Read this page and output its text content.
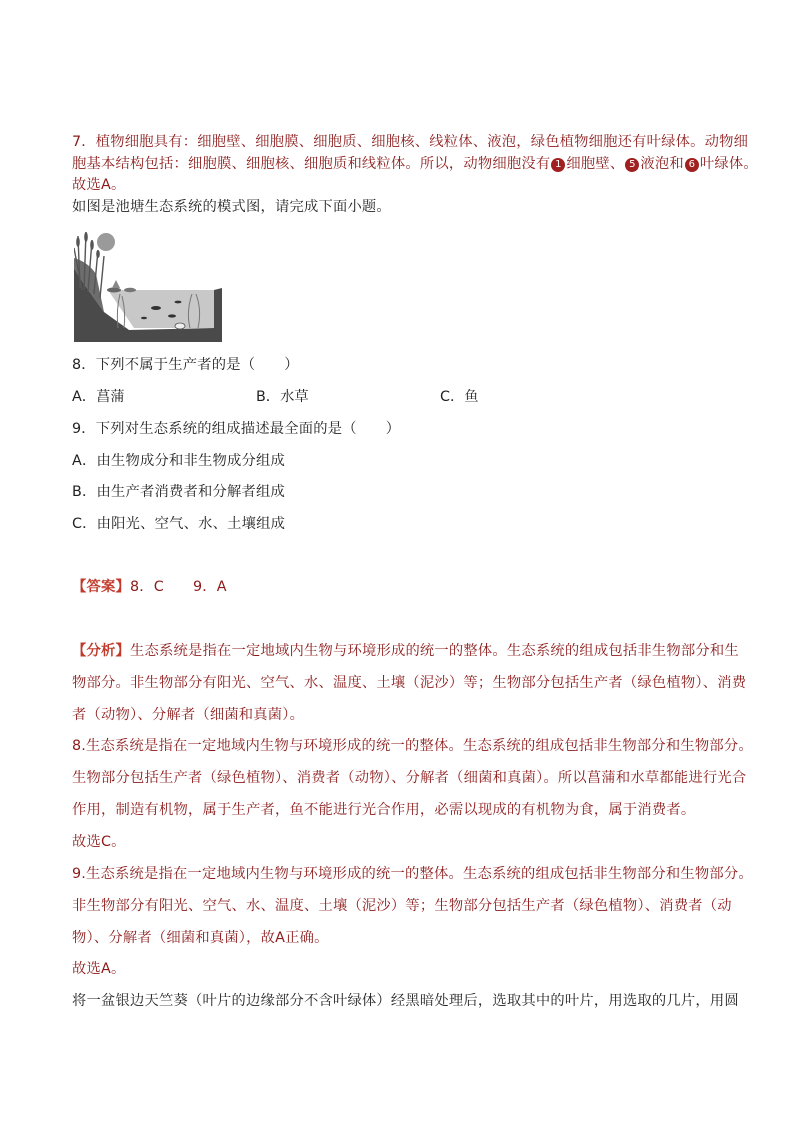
7．植物细胞具有：细胞壁、细胞膜、细胞质、细胞核、线粒体、液泡，绿色植物细胞还有叶绿体。动物细
胞基本结构包括：细胞膜、细胞核、细胞质和线粒体。所以，动物细胞没有 1 细胞壁、 5 液泡和 6 叶绿体。
故选A。
如图是池塘生态系统的模式图，请完成下面小题。
8．下列不属于生产者的是（　　）
A．菖蒲	B．水草	C．鱼
9．下列对生态系统的组成描述最全面的是（　　）
A．由生物成分和非生物成分组成
B．由生产者消费者和分解者组成
C．由阳光、空气、水、土壤组成
【答案】8．C　　9．A
【分析】生态系统是指在一定地域内生物与环境形成的统一的整体。生态系统的组成包括非生物部分和生
物部分。非生物部分有阳光、空气、水、温度、土壤（泥沙）等；生物部分包括生产者（绿色植物）、消费
者（动物）、分解者（细菌和真菌）。
8.生态系统是指在一定地域内生物与环境形成的统一的整体。生态系统的组成包括非生物部分和生物部分。
生物部分包括生产者（绿色植物）、消费者（动物）、分解者（细菌和真菌）。所以菖蒲和水草都能进行光合
作用，制造有机物，属于生产者，鱼不能进行光合作用，必需以现成的有机物为食，属于消费者。
故选C。
9.生态系统是指在一定地域内生物与环境形成的统一的整体。生态系统的组成包括非生物部分和生物部分。
非生物部分有阳光、空气、水、温度、土壤（泥沙）等；生物部分包括生产者（绿色植物）、消费者（动
物）、分解者（细菌和真菌），故A正确。
故选A。
将一盆银边天竺葵（叶片的边缘部分不含叶绿体）经黑暗处理后，选取其中的叶片，用选取的几片，用圆
